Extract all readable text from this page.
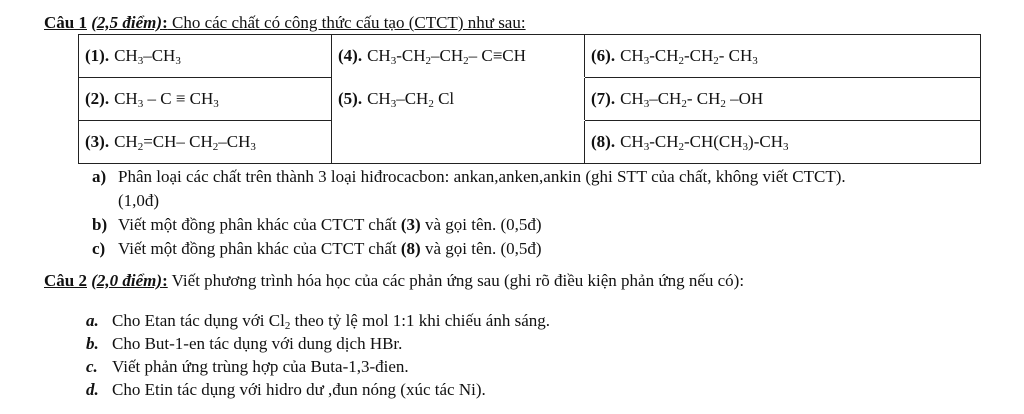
Câu 1 (2,5 điểm): Cho các chất có công thức cấu tạo (CTCT) như sau:
(1). $CH_3-CH_3$	(4). $CH_3-CH_2-CH_2-$ C≡CH	(6). $CH_3-CH_2-CH_2-$ $CH_3$
(2). $CH_3 - C \equiv CH_3$	(5). $CH_3-CH_2$ Cl	(7). $CH_3-CH_2-$ $CH_2$ –OH
(3). $CH_2=CH-$ $CH_2-CH_3$		(8). $CH_3-CH_2-CH(CH_3)-CH_3$
a) Phân loại các chất trên thành 3 loại hiđrocacbon: ankan,anken,ankin (ghi STT của chất, không viết CTCT).
(1,0đ)
b) Viết một đồng phân khác của CTCT chất (3) và gọi tên. (0,5đ)
c) Viết một đồng phân khác của CTCT chất (8) và gọi tên. (0,5đ)
Câu 2 (2,0 điểm): Viết phương trình hóa học của các phản ứng sau (ghi rõ điều kiện phản ứng nếu có):
a. Cho Etan tác dụng với $Cl_2$ theo tỷ lệ mol 1:1 khi chiếu ánh sáng.
b. Cho But-1-en tác dụng với dung dịch HBr.
c. Viết phản ứng trùng hợp của Buta-1,3-đien.
d. Cho Etin tác dụng với hidro dư ,đun nóng (xúc tác Ni).
